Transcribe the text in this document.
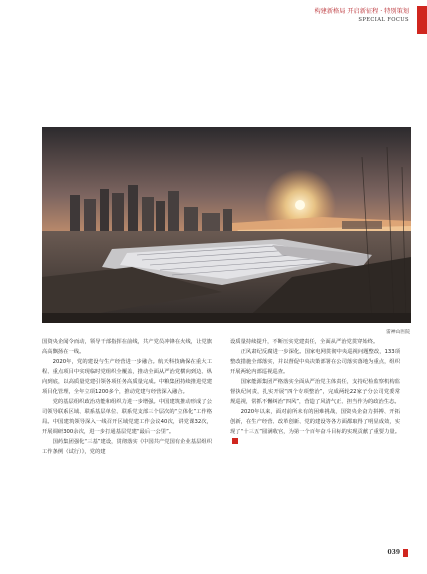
构建新格局 开启新征程 · 特别策划
SPECIAL FOCUS
雷神山医院

国资央企闻令而动，领导干部指挥在前线，共产党员冲锋在火线，让党旗高高飘扬在一线。

2020年，党的建设与生产经营进一步融合。航天科技确保在重大工程、重点项目中实现临时党组织全覆盖，推动全面从严治党横向到边、纵向到底，以高质量党建引领各项任务高质量完成。中粮集团持续推进党建项目化管理，全年立项1200多个，推动党建与经营深入融合。

党的基层组织政治功能和组织力进一步增强。中国建筑推动形成了公司领导联系区域、联系基层单位、联系党支部三个层次的“立体化”工作格局。中国建筑领导深入一线召开区域党建工作会议40次，讲党课32次，开展调研300余次，进一步打通基层党建“最后一公里”。

国药集团强化“三基”建设，贯彻落实《中国共产党国有企业基层组织工作条例（试行）》，党的建

设质量持续提升，不断压实党建责任，全面从严治党贯穿始终。

正风肃纪反腐进一步深化。国家电网贯彻中央巡视问题整改，133项整改措施全部落实，并以督促中央决策部署在公司落实落地为重点，组织开展两轮内部巡视巡查。

国家能源集团严格落实全面从严治党主体责任，支持纪检监察机构监督执纪问责，扎实开展“四个专项整治”，完成两轮22家子分公司党委常规巡视，常抓不懈纠治“四风”，营造了风清气正、担当作为的政治生态。

2020年以来，面对前所未有的困难挑战，国资央企奋力拼搏、开拓创新，在生产经营、改革创新、党的建设等各方面都取得了明显成效，实现了“十三五”圆满收官，为第一个百年奋斗目标的实现贡献了重要力量。

039
